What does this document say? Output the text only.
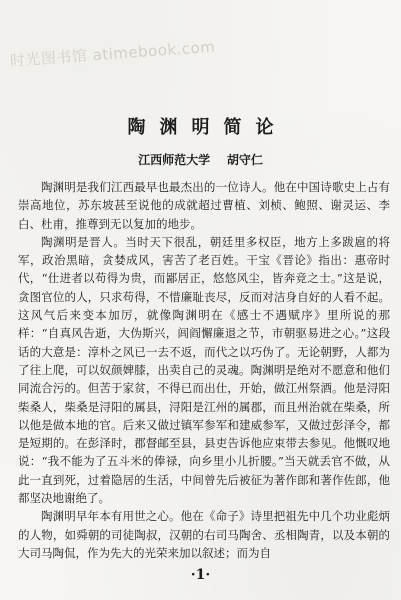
时光图书馆 atimebook.com
陶渊明简论
江西师范大学    胡守仁

陶渊明是我们江西最早也最杰出的一位诗人。他在中国诗歌史上占有崇高地位，苏东坡甚至说他的成就超过曹植、刘桢、鲍照、谢灵运、李白、杜甫，推尊到无以复加的地步。

陶渊明是晋人。当时天下很乱，朝廷里多权臣，地方上多跋扈的将军，政治黑暗，贪婪成风，害苦了老百姓。干宝《晋论》指出：惠帝时代，“仕进者以苟得为贵，而鄙居正，悠悠风尘，皆奔竞之士。”这是说，贪图官位的人，只求苟得，不惜廉耻丧尽，反而对洁身自好的人看不起。这风气后来变本加厉，就像陶渊明在《感士不遇赋序》里所说的那样：“自真风告逝，大伪斯兴，闾阎懈廉退之节，市朝驱易进之心。”这段话的大意是：淳朴之风已一去不返，而代之以巧伪了。无论朝野，人都为了往上爬，可以奴颜婢膝，出卖自己的灵魂。陶渊明是绝对不愿意和他们同流合污的。但苦于家贫，不得已而出仕，开始，做江州祭酒。他是浔阳柴桑人，柴桑是浔阳的属县，浔阳是江州的属郡，而且州治就在柴桑，所以他是做本地的官。后来又做过镇军参军和建威参军，又做过彭泽令，都是短期的。在彭泽时，郡督邮至县，县吏告诉他应束带去参见。他慨叹地说：“我不能为了五斗米的俸禄，向乡里小儿折腰。”当天就丢官不做，从此一直到死，过着隐居的生活，中间曾先后被征为著作郎和著作佐郎，他都坚决地谢绝了。

陶渊明早年本有用世之心。他在《命子》诗里把祖先中几个功业彪炳的人物，如舜朝的司徒陶叔，汉朝的右司马陶舍、丞相陶青，以及本朝的大司马陶侃，作为先大的光荣来加以叙述；而为自

·1·
